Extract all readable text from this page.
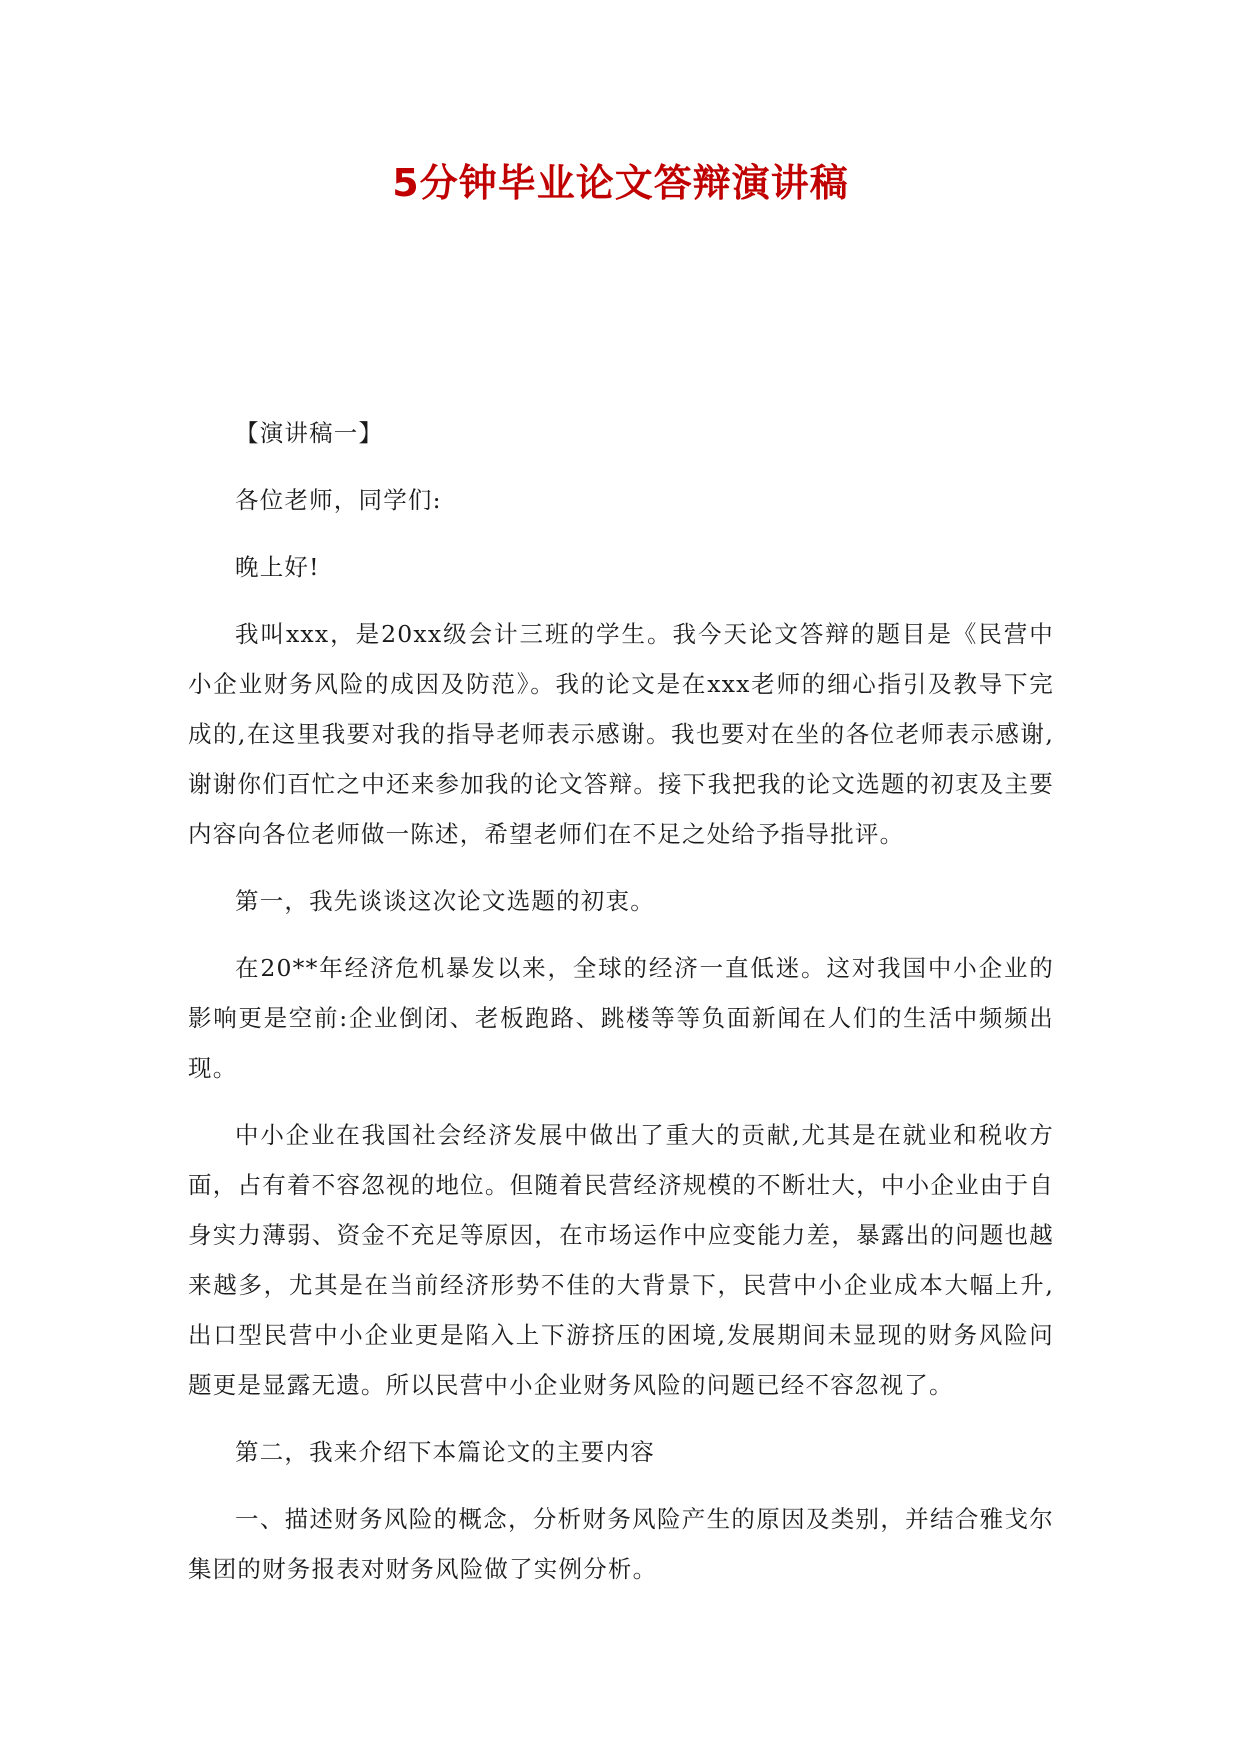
5分钟毕业论文答辩演讲稿

【演讲稿一】

各位老师，同学们:

晚上好!

我叫xxx，是20xx级会计三班的学生。我今天论文答辩的题目是《民营中小企业财务风险的成因及防范》。我的论文是在xxx老师的细心指引及教导下完成的,在这里我要对我的指导老师表示感谢。我也要对在坐的各位老师表示感谢,谢谢你们百忙之中还来参加我的论文答辩。接下我把我的论文选题的初衷及主要内容向各位老师做一陈述，希望老师们在不足之处给予指导批评。

第一，我先谈谈这次论文选题的初衷。

在20**年经济危机暴发以来，全球的经济一直低迷。这对我国中小企业的影响更是空前:企业倒闭、老板跑路、跳楼等等负面新闻在人们的生活中频频出现。

中小企业在我国社会经济发展中做出了重大的贡献,尤其是在就业和税收方面，占有着不容忽视的地位。但随着民营经济规模的不断壮大，中小企业由于自身实力薄弱、资金不充足等原因，在市场运作中应变能力差，暴露出的问题也越来越多，尤其是在当前经济形势不佳的大背景下，民营中小企业成本大幅上升,出口型民营中小企业更是陷入上下游挤压的困境,发展期间未显现的财务风险问题更是显露无遗。所以民营中小企业财务风险的问题已经不容忽视了。

第二，我来介绍下本篇论文的主要内容

一、描述财务风险的概念，分析财务风险产生的原因及类别，并结合雅戈尔集团的财务报表对财务风险做了实例分析。
